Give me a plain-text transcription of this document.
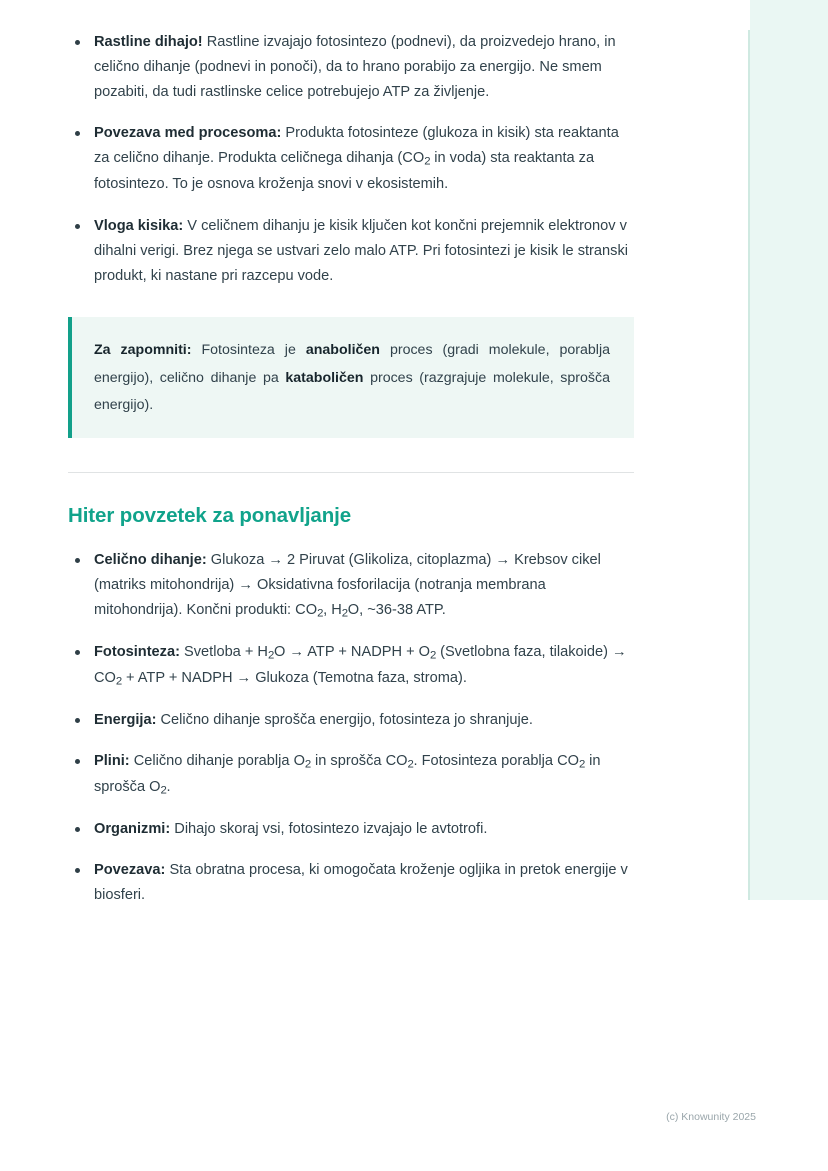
Rastline dihajo! Rastline izvajajo fotosintezo (podnevi), da proizvedejo hrano, in celično dihanje (podnevi in ponoči), da to hrano porabijo za energijo. Ne smem pozabiti, da tudi rastlinske celice potrebujejo ATP za življenje.
Povezava med procesoma: Produkta fotosinteze (glukoza in kisik) sta reaktanta za celično dihanje. Produkta celičnega dihanja ($CO_2$ in voda) sta reaktanta za fotosintezo. To je osnova kroženja snovi v ekosistemih.
Vloga kisika: V celičnem dihanju je kisik ključen kot končni prejemnik elektronov v dihalni verigi. Brez njega se ustvari zelo malo ATP. Pri fotosintezi je kisik le stranski produkt, ki nastane pri razcepu vode.

Za zapomniti: Fotosinteza je anaboličen proces (gradi molekule, porablja energijo), celično dihanje pa kataboličen proces (razgrajuje molekule, sprošča energijo).

Hiter povzetek za ponavljanje
Celično dihanje: Glukoza → 2 Piruvat (Glikoliza, citoplazma) → Krebsov cikel (matriks mitohondrija) → Oksidativna fosforilacija (notranja membrana mitohondrija). Končni produkti: $CO_2$, $H_2O$, ~36-38 ATP.
Fotosinteza: Svetloba + $H_2O$ → ATP + NADPH + $O_2$ (Svetlobna faza, tilakoide) → $CO_2$ + ATP + NADPH → Glukoza (Temotna faza, stroma).
Energija: Celično dihanje sprošča energijo, fotosinteza jo shranjuje.
Plini: Celično dihanje porablja $O_2$ in sprošča $CO_2$. Fotosinteza porablja $CO_2$ in sprošča $O_2$.
Organizmi: Dihajo skoraj vsi, fotosintezo izvajajo le avtotrofi.
Povezava: Sta obratna procesa, ki omogočata kroženje ogljika in pretok energije v biosferi.
(c) Knowunity 2025
